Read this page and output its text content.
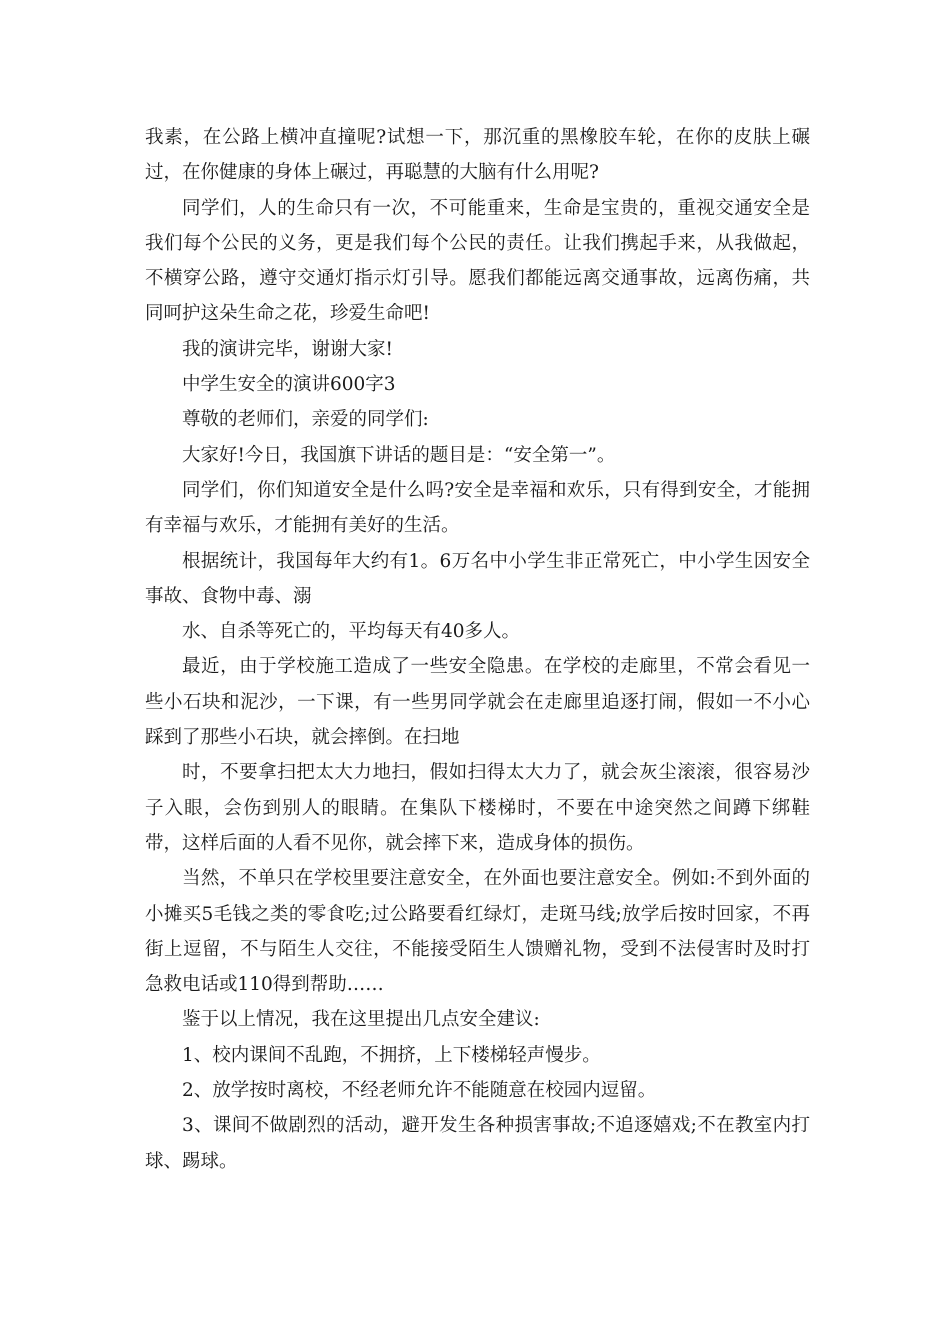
我素，在公路上横冲直撞呢?试想一下，那沉重的黑橡胶车轮，在你的皮肤上碾过，在你健康的身体上碾过，再聪慧的大脑有什么用呢?

同学们，人的生命只有一次，不可能重来，生命是宝贵的，重视交通安全是我们每个公民的义务，更是我们每个公民的责任。让我们携起手来，从我做起，不横穿公路，遵守交通灯指示灯引导。愿我们都能远离交通事故，远离伤痛，共同呵护这朵生命之花，珍爱生命吧!

我的演讲完毕，谢谢大家!

中学生安全的演讲600字3

尊敬的老师们，亲爱的同学们:

大家好!今日，我国旗下讲话的题目是：“安全第一”。

同学们，你们知道安全是什么吗?安全是幸福和欢乐，只有得到安全，才能拥有幸福与欢乐，才能拥有美好的生活。

根据统计，我国每年大约有1。6万名中小学生非正常死亡，中小学生因安全事故、食物中毒、溺

水、自杀等死亡的，平均每天有40多人。

最近，由于学校施工造成了一些安全隐患。在学校的走廊里，不常会看见一些小石块和泥沙，一下课，有一些男同学就会在走廊里追逐打闹，假如一不小心踩到了那些小石块，就会摔倒。在扫地

时，不要拿扫把太大力地扫，假如扫得太大力了，就会灰尘滚滚，很容易沙子入眼，会伤到别人的眼睛。在集队下楼梯时，不要在中途突然之间蹲下绑鞋带，这样后面的人看不见你，就会摔下来，造成身体的损伤。

当然，不单只在学校里要注意安全，在外面也要注意安全。例如:不到外面的小摊买5毛钱之类的零食吃;过公路要看红绿灯，走斑马线;放学后按时回家，不再街上逗留，不与陌生人交往，不能接受陌生人馈赠礼物，受到不法侵害时及时打急救电话或110得到帮助……

鉴于以上情况，我在这里提出几点安全建议:

1、校内课间不乱跑，不拥挤，上下楼梯轻声慢步。

2、放学按时离校，不经老师允许不能随意在校园内逗留。

3、课间不做剧烈的活动，避开发生各种损害事故;不追逐嬉戏;不在教室内打球、踢球。
